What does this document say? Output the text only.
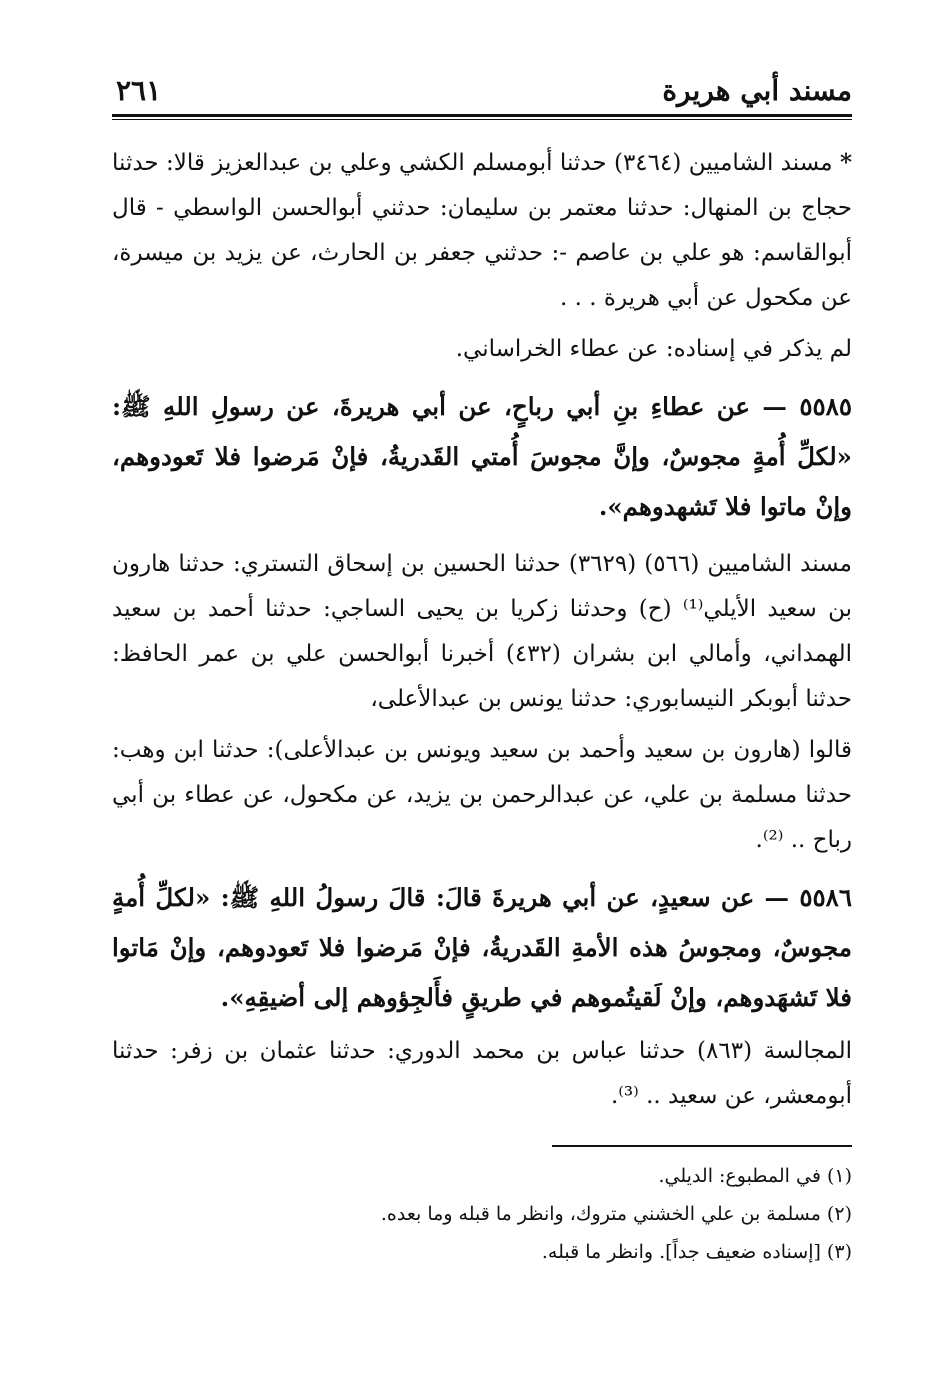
مسند أبي هريرة
٢٦١

* مسند الشاميين (٣٤٦٤) حدثنا أبومسلم الكشي وعلي بن عبدالعزيز قالا: حدثنا حجاج بن المنهال: حدثنا معتمر بن سليمان: حدثني أبوالحسن الواسطي - قال أبوالقاسم: هو علي بن عاصم -: حدثني جعفر بن الحارث، عن يزيد بن ميسرة، عن مكحول عن أبي هريرة . . .

لم يذكر في إسناده: عن عطاء الخراساني.

٥٥٨٥ — عن عطاءِ بنِ أبي رباحٍ، عن أبي هريرةَ، عن رسولِ اللهِ ﷺ: «لكلِّ أُمةٍ مجوسٌ، وإنَّ مجوسَ أُمتي القَدريةُ، فإنْ مَرضوا فلا تَعودوهم، وإنْ ماتوا فلا تَشهدوهم».

مسند الشاميين (٥٦٦) (٣٦٢٩) حدثنا الحسين بن إسحاق التستري: حدثنا هارون بن سعيد الأيلي⁽¹⁾ (ح) وحدثنا زكريا بن يحيى الساجي: حدثنا أحمد بن سعيد الهمداني، وأمالي ابن بشران (٤٣٢) أخبرنا أبوالحسن علي بن عمر الحافظ: حدثنا أبوبكر النيسابوري: حدثنا يونس بن عبدالأعلى،

قالوا (هارون بن سعيد وأحمد بن سعيد ويونس بن عبدالأعلى): حدثنا ابن وهب: حدثنا مسلمة بن علي، عن عبدالرحمن بن يزيد، عن مكحول، عن عطاء بن أبي رباح .. ⁽²⁾.

٥٥٨٦ — عن سعيدٍ، عن أبي هريرةَ قالَ: قالَ رسولُ اللهِ ﷺ: «لكلِّ أُمةٍ مجوسٌ، ومجوسُ هذه الأمةِ القَدريةُ، فإنْ مَرضوا فلا تَعودوهم، وإنْ مَاتوا فلا تَشهَدوهم، وإنْ لَقيتُموهم في طريقٍ فأَلجِؤوهم إلى أضيقِهِ».

المجالسة (٨٦٣) حدثنا عباس بن محمد الدوري: حدثنا عثمان بن زفر: حدثنا أبومعشر، عن سعيد .. ⁽³⁾.

(١) في المطبوع: الديلي.

(٢) مسلمة بن علي الخشني متروك، وانظر ما قبله وما بعده.

(٣) [إسناده ضعيف جداً]. وانظر ما قبله.
